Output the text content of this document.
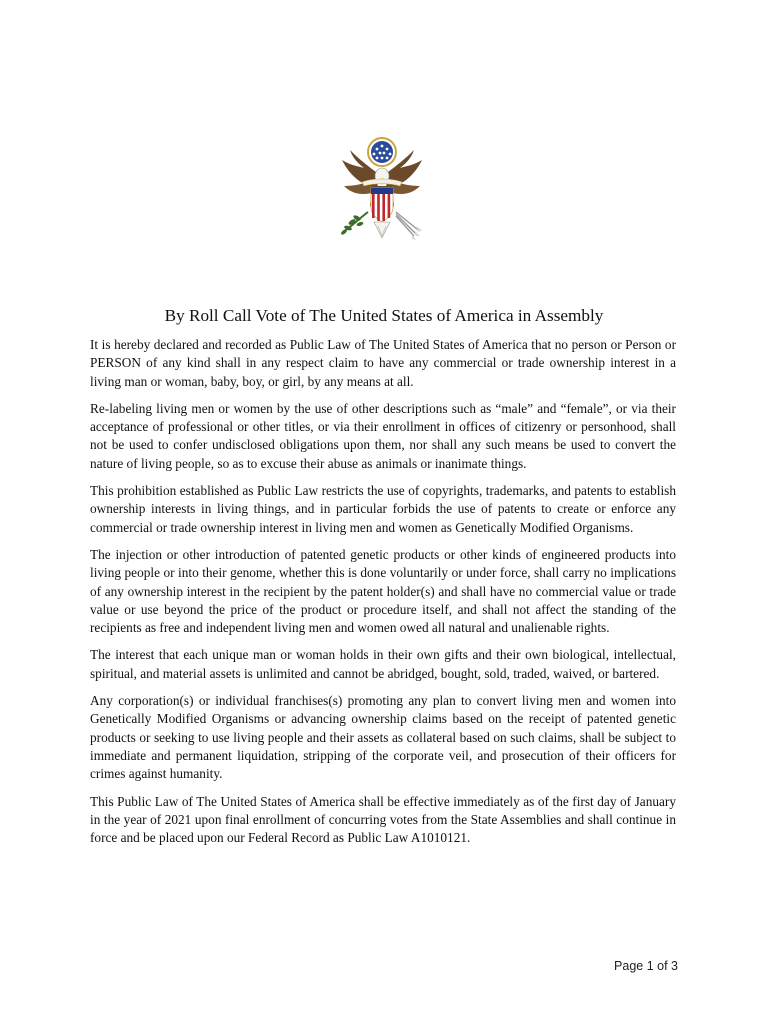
By Roll Call Vote of The United States of America in Assembly

It is hereby declared and recorded as Public Law of The United States of America that no person or Person or PERSON of any kind shall in any respect claim to have any commercial or trade ownership interest in a living man or woman, baby, boy, or girl, by any means at all.

Re-labeling living men or women by the use of other descriptions such as “male” and “female”, or via their acceptance of professional or other titles, or via their enrollment in offices of citizenry or personhood, shall not be used to confer undisclosed obligations upon them, nor shall any such means be used to convert the nature of living people, so as to excuse their abuse as animals or inanimate things.

This prohibition established as Public Law restricts the use of copyrights, trademarks, and patents to establish ownership interests in living things, and in particular forbids the use of patents to create or enforce any commercial or trade ownership interest in living men and women as Genetically Modified Organisms.

The injection or other introduction of patented genetic products or other kinds of engineered products into living people or into their genome, whether this is done voluntarily or under force, shall carry no implications of any ownership interest in the recipient by the patent holder(s) and shall have no commercial value or trade value or use beyond the price of the product or procedure itself, and shall not affect the standing of the recipients as free and independent living men and women owed all natural and unalienable rights.

The interest that each unique man or woman holds in their own gifts and their own biological, intellectual, spiritual, and material assets is unlimited and cannot be abridged, bought, sold, traded, waived, or bartered.

Any corporation(s) or individual franchises(s) promoting any plan to convert living men and women into Genetically Modified Organisms or advancing ownership claims based on the receipt of patented genetic products or seeking to use living people and their assets as collateral based on such claims, shall be subject to immediate and permanent liquidation, stripping of the corporate veil, and prosecution of their officers for crimes against humanity.

This Public Law of The United States of America shall be effective immediately as of the first day of January in the year of 2021 upon final enrollment of concurring votes from the State Assemblies and shall continue in force and be placed upon our Federal Record as Public Law A1010121.

Page 1 of 3
